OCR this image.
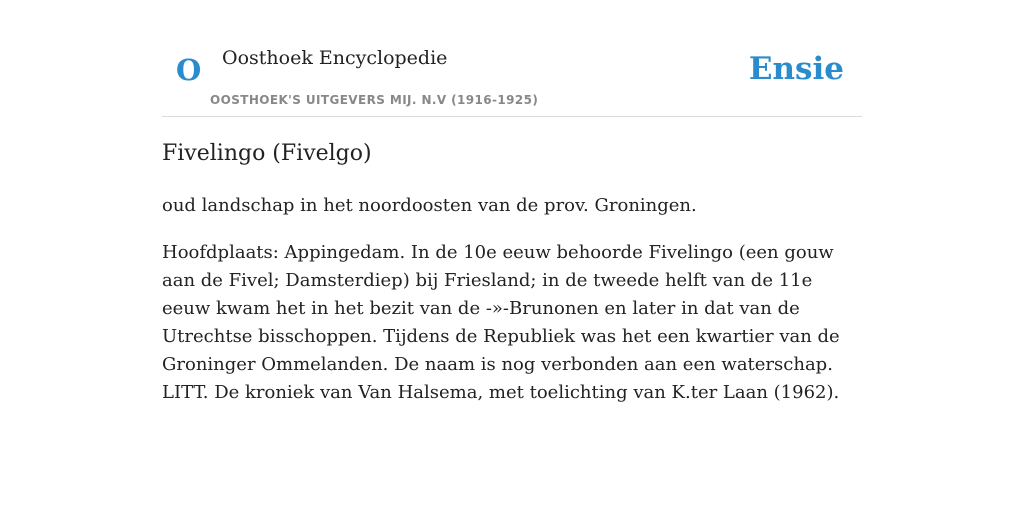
O Oosthoek Encyclopedie
OOSTHOEK'S UITGEVERS MIJ. N.V (1916-1925)
Ensie
Fivelingo (Fivelgo)

oud landschap in het noordoosten van de prov. Groningen.

Hoofdplaats: Appingedam. In de 10e eeuw behoorde Fivelingo (een gouw aan de Fivel; Damsterdiep) bij Friesland; in de tweede helft van de 11e eeuw kwam het in het bezit van de -»-Brunonen en later in dat van de Utrechtse bisschoppen. Tijdens de Republiek was het een kwartier van de Groninger Ommelanden. De naam is nog verbonden aan een waterschap. LITT. De kroniek van Van Halsema, met toelichting van K.ter Laan (1962).
